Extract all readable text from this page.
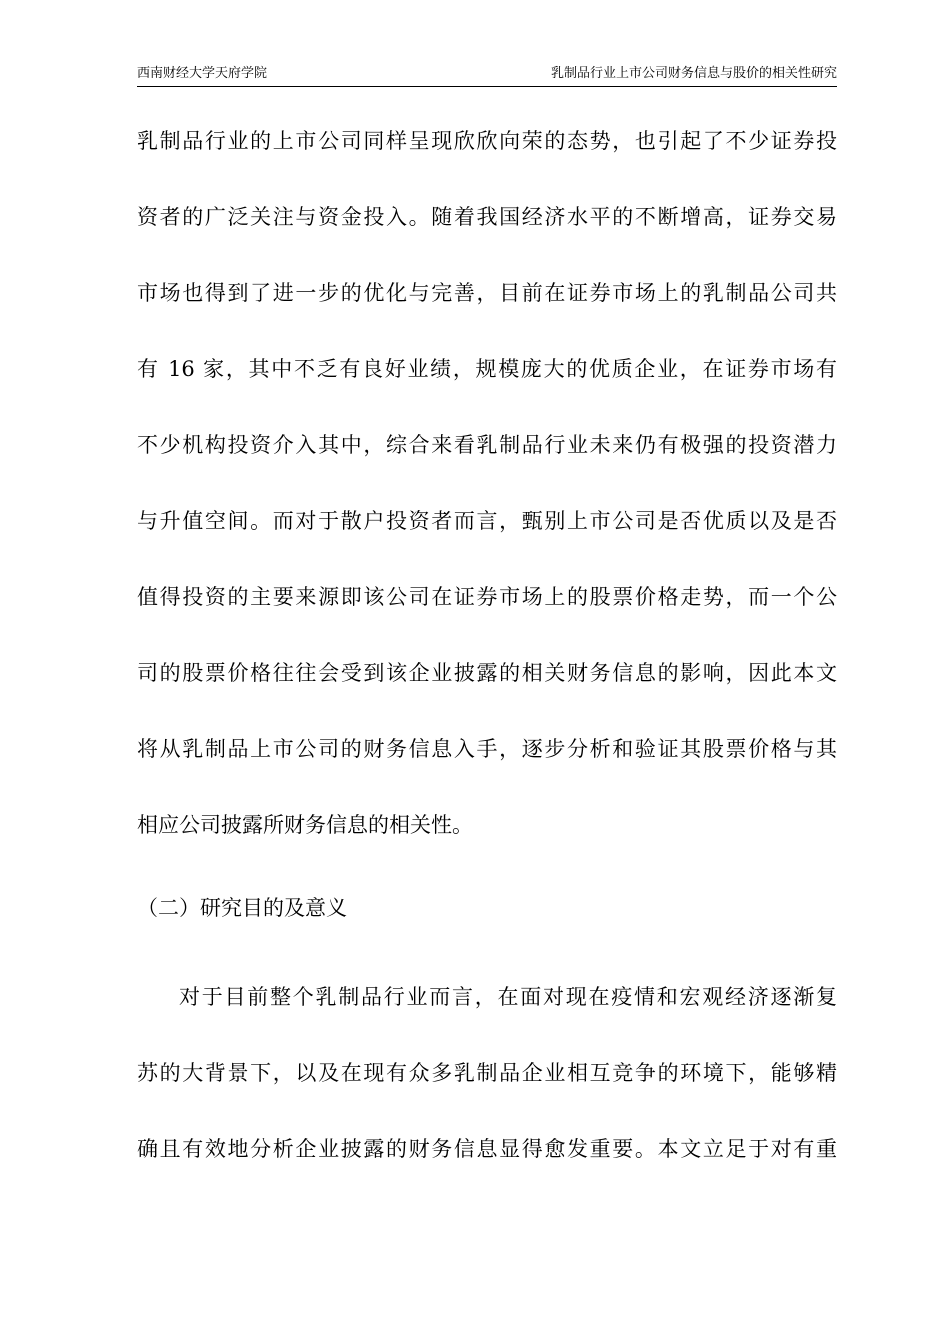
西南财经大学天府学院	乳制品行业上市公司财务信息与股价的相关性研究
乳制品行业的上市公司同样呈现欣欣向荣的态势，也引起了不少证券投
资者的广泛关注与资金投入。随着我国经济水平的不断增高，证券交易
市场也得到了进一步的优化与完善，目前在证券市场上的乳制品公司共
有 16 家，其中不乏有良好业绩，规模庞大的优质企业，在证券市场有
不少机构投资介入其中，综合来看乳制品行业未来仍有极强的投资潜力
与升值空间。而对于散户投资者而言，甄别上市公司是否优质以及是否
值得投资的主要来源即该公司在证券市场上的股票价格走势，而一个公
司的股票价格往往会受到该企业披露的相关财务信息的影响，因此本文
将从乳制品上市公司的财务信息入手，逐步分析和验证其股票价格与其
相应公司披露所财务信息的相关性。
（二）研究目的及意义
对于目前整个乳制品行业而言，在面对现在疫情和宏观经济逐渐复
苏的大背景下，以及在现有众多乳制品企业相互竞争的环境下，能够精
确且有效地分析企业披露的财务信息显得愈发重要。本文立足于对有重
